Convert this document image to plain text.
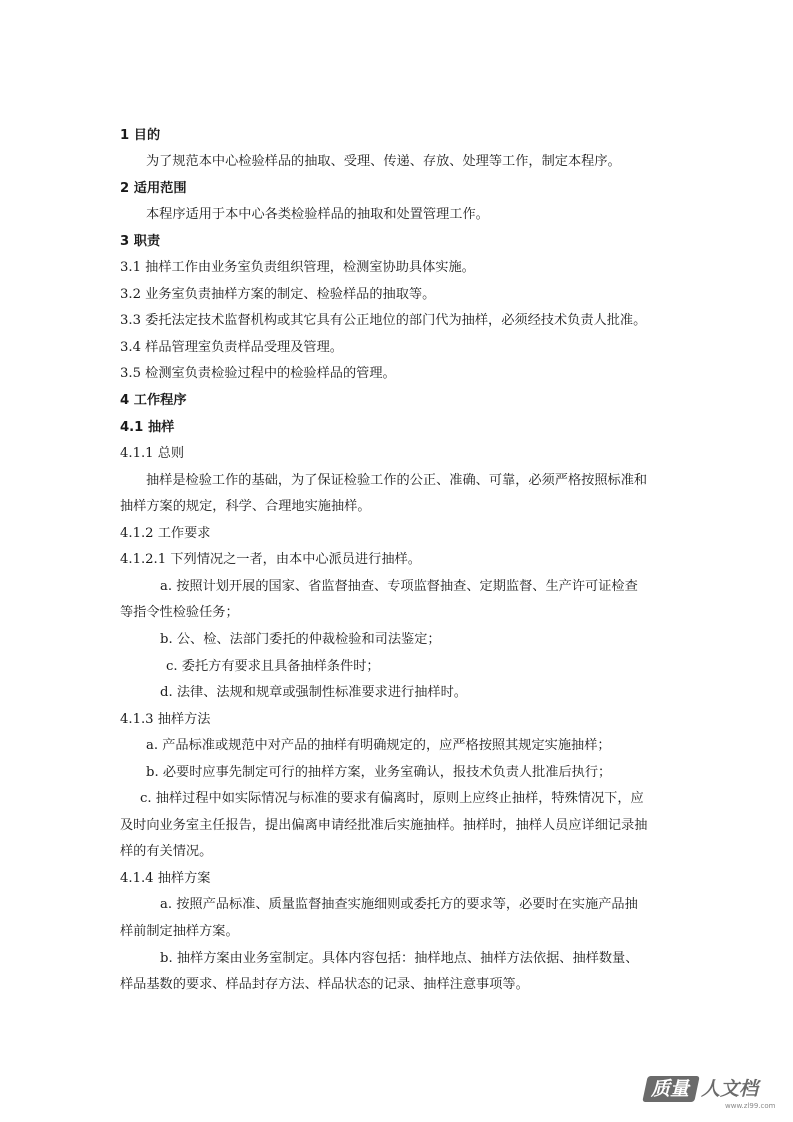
1 目的
为了规范本中心检验样品的抽取、受理、传递、存放、处理等工作，制定本程序。
2 适用范围
本程序适用于本中心各类检验样品的抽取和处置管理工作。
3 职责
3.1 抽样工作由业务室负责组织管理，检测室协助具体实施。
3.2 业务室负责抽样方案的制定、检验样品的抽取等。
3.3 委托法定技术监督机构或其它具有公正地位的部门代为抽样，必须经技术负责人批准。
3.4 样品管理室负责样品受理及管理。
3.5 检测室负责检验过程中的检验样品的管理。
4 工作程序
4.1 抽样
4.1.1 总则
抽样是检验工作的基础，为了保证检验工作的公正、准确、可靠，必须严格按照标准和
抽样方案的规定，科学、合理地实施抽样。
4.1.2 工作要求
4.1.2.1 下列情况之一者，由本中心派员进行抽样。
a. 按照计划开展的国家、省监督抽查、专项监督抽查、定期监督、生产许可证检查
等指令性检验任务；
b. 公、检、法部门委托的仲裁检验和司法鉴定；
c. 委托方有要求且具备抽样条件时；
d. 法律、法规和规章或强制性标准要求进行抽样时。
4.1.3 抽样方法
a. 产品标准或规范中对产品的抽样有明确规定的，应严格按照其规定实施抽样；
b. 必要时应事先制定可行的抽样方案，业务室确认，报技术负责人批准后执行；
c. 抽样过程中如实际情况与标准的要求有偏离时，原则上应终止抽样，特殊情况下，应
及时向业务室主任报告，提出偏离申请经批准后实施抽样。抽样时，抽样人员应详细记录抽
样的有关情况。
4.1.4 抽样方案
a. 按照产品标准、质量监督抽查实施细则或委托方的要求等，必要时在实施产品抽
样前制定抽样方案。
b. 抽样方案由业务室制定。具体内容包括：抽样地点、抽样方法依据、抽样数量、
样品基数的要求、样品封存方法、样品状态的记录、抽样注意事项等。
质量 人文档
www.zl99.com
